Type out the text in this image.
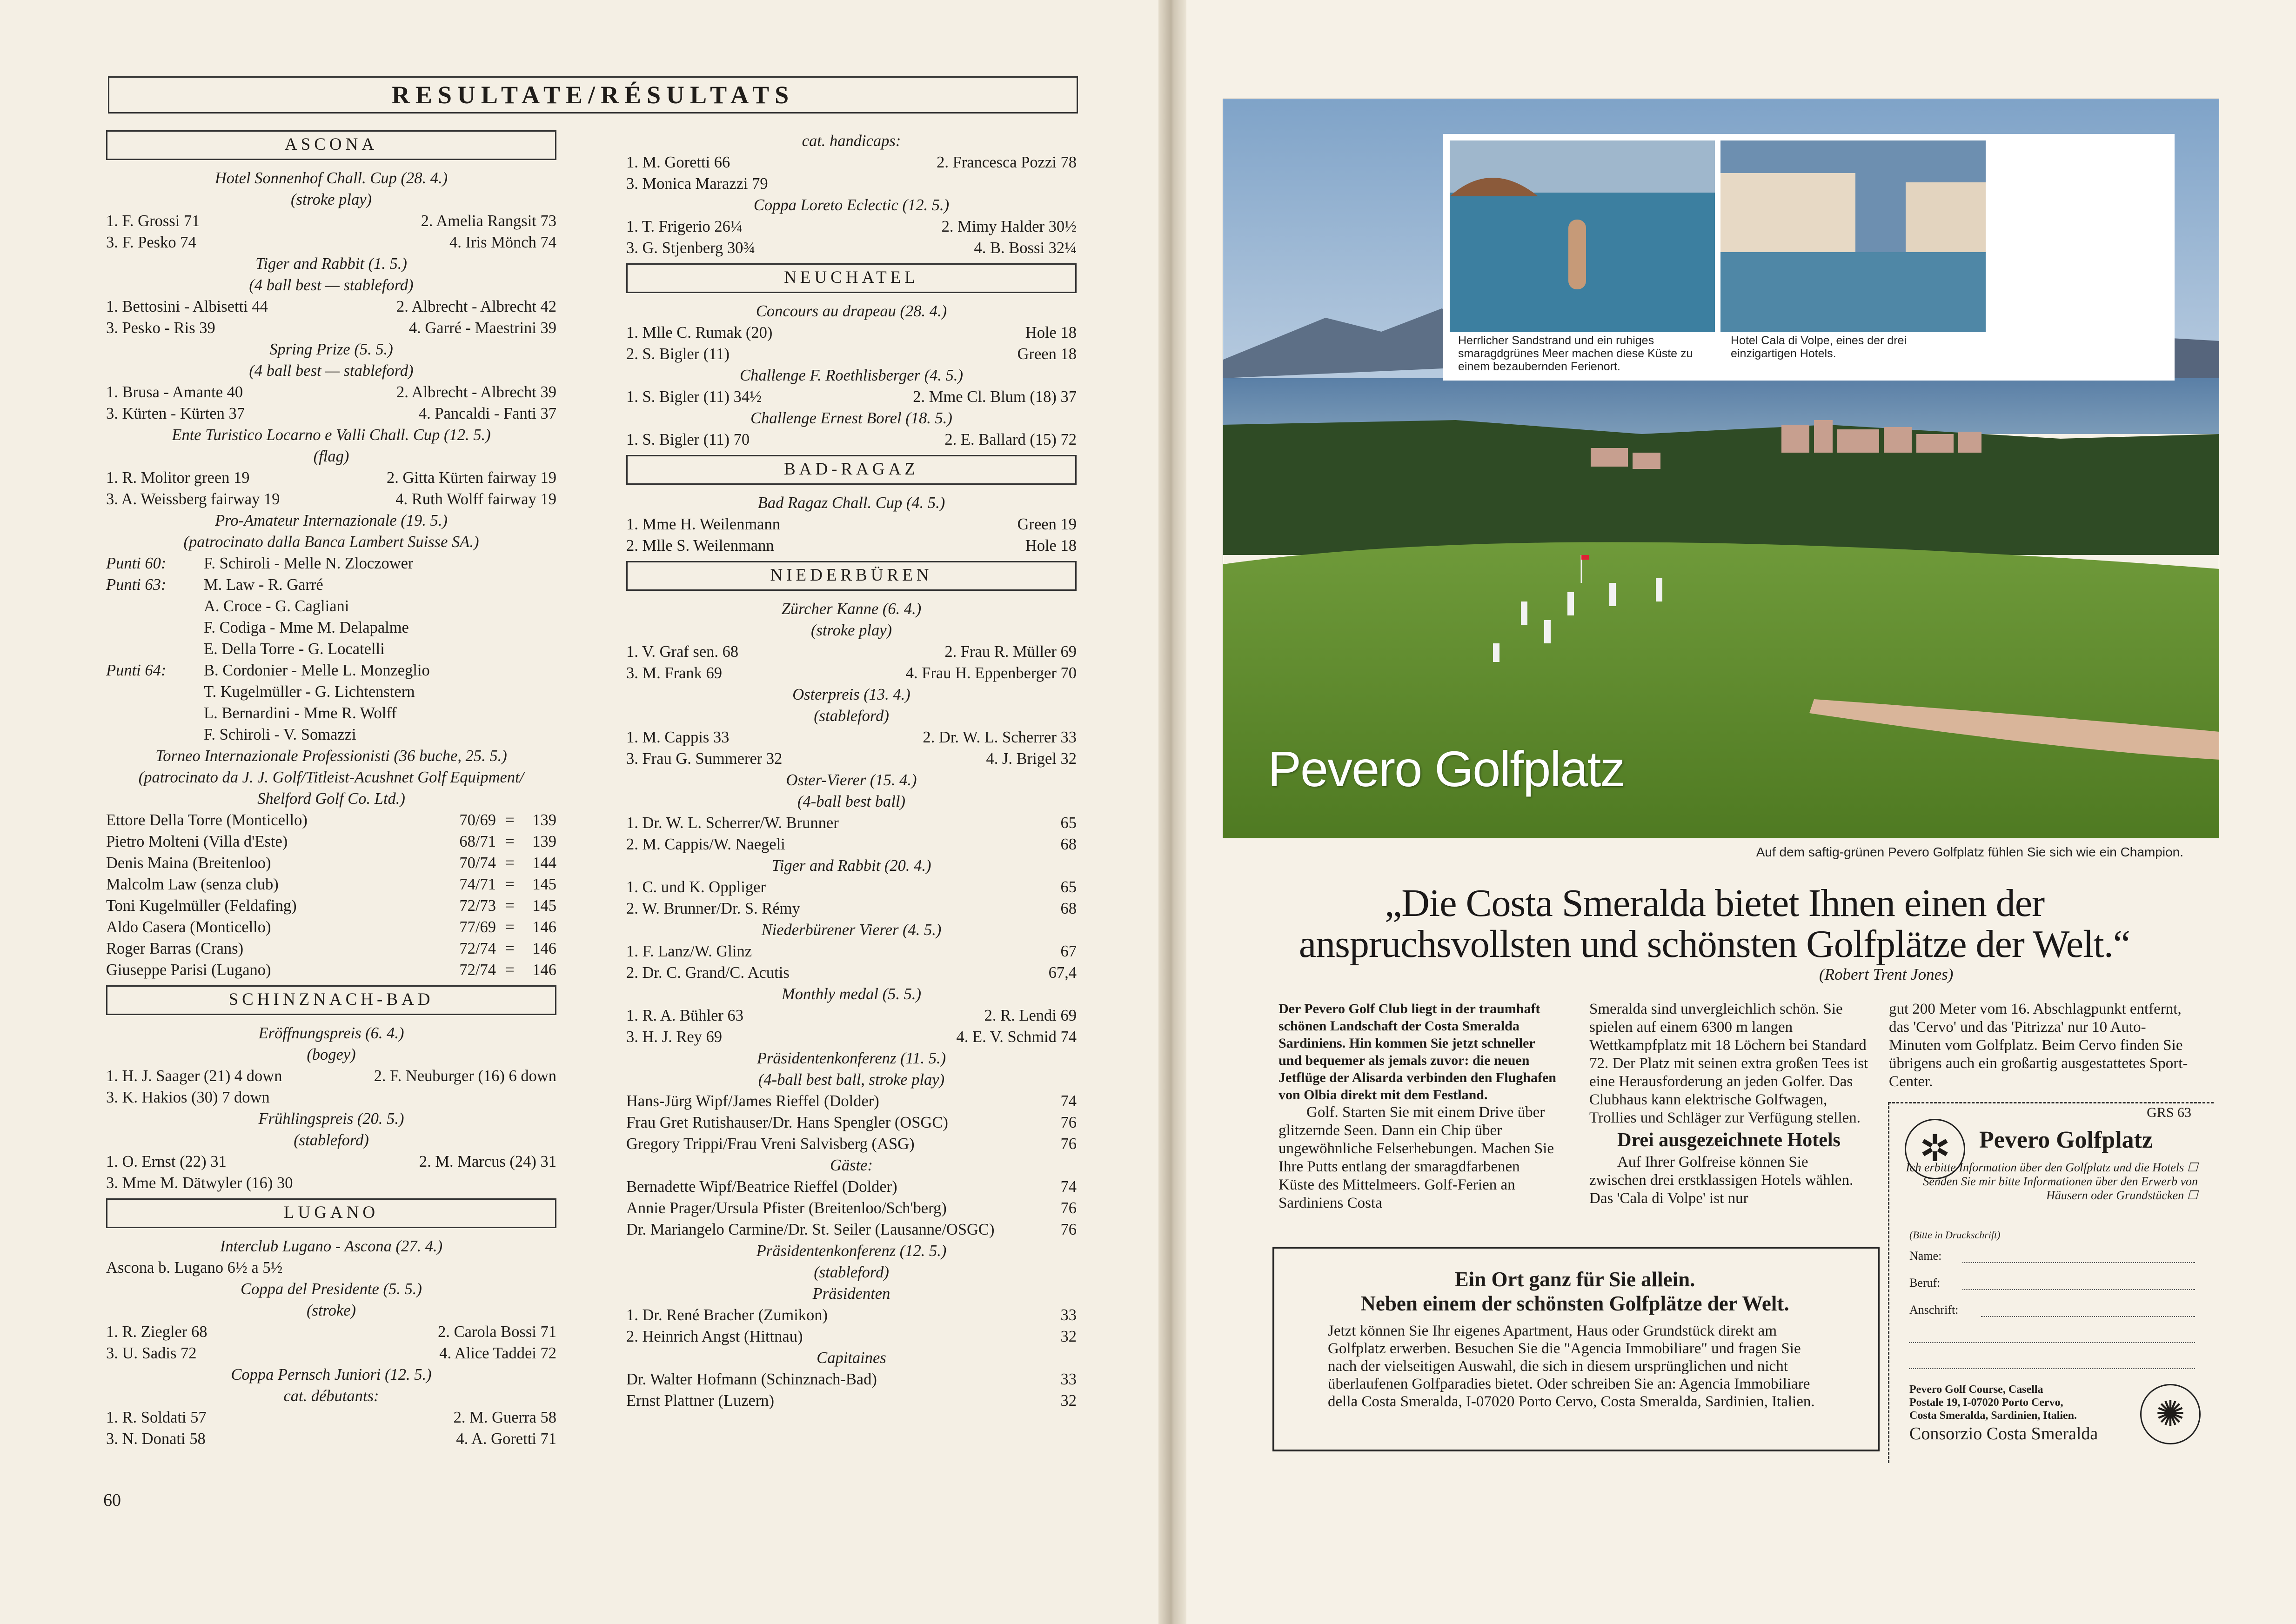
RESULTATE/RÉSULTATS
ASCONA
Hotel Sonnenhof Chall. Cup (28. 4.)
(stroke play)
1. F. Grossi 71	2. Amelia Rangsit 73
3. F. Pesko 74	4. Iris Mönch 74
Tiger and Rabbit (1. 5.)
(4 ball best — stableford)
1. Bettosini - Albisetti 44	2. Albrecht - Albrecht 42
3. Pesko - Ris 39	4. Garré - Maestrini 39
Spring Prize (5. 5.)
(4 ball best — stableford)
1. Brusa - Amante 40	2. Albrecht - Albrecht 39
3. Kürten - Kürten 37	4. Pancaldi - Fanti 37
Ente Turistico Locarno e Valli Chall. Cup (12. 5.)
(flag)
1. R. Molitor green 19	2. Gitta Kürten fairway 19
3. A. Weissberg fairway 19	4. Ruth Wolff fairway 19
Pro-Amateur Internazionale (19. 5.)
(patrocinato dalla Banca Lambert Suisse SA.)
Punti 60:	F. Schiroli - Melle N. Zloczower
Punti 63:	M. Law - R. Garré
A. Croce - G. Cagliani
F. Codiga - Mme M. Delapalme
E. Della Torre - G. Locatelli
Punti 64:	B. Cordonier - Melle L. Monzeglio
T. Kugelmüller - G. Lichtenstern
L. Bernardini - Mme R. Wolff
F. Schiroli - V. Somazzi
Torneo Internazionale Professionisti (36 buche, 25. 5.)
(patrocinato da J. J. Golf/Titleist-Acushnet Golf Equipment/
Shelford Golf Co. Ltd.)
Ettore Della Torre (Monticello)	70/69 =	139
Pietro Molteni (Villa d'Este)	68/71 =	139
Denis Maina (Breitenloo)	70/74 =	144
Malcolm Law (senza club)	74/71 =	145
Toni Kugelmüller (Feldafing)	72/73 =	145
Aldo Casera (Monticello)	77/69 =	146
Roger Barras (Crans)	72/74 =	146
Giuseppe Parisi (Lugano)	72/74 =	146
SCHINZNACH-BAD
Eröffnungspreis (6. 4.)
(bogey)
1. H. J. Saager (21) 4 down	2. F. Neuburger (16) 6 down
3. K. Hakios (30) 7 down
Frühlingspreis (20. 5.)
(stableford)
1. O. Ernst (22) 31	2. M. Marcus (24) 31
3. Mme M. Dätwyler (16) 30
LUGANO
Interclub Lugano - Ascona (27. 4.)
Ascona b. Lugano 6½ a 5½
Coppa del Presidente (5. 5.)
(stroke)
1. R. Ziegler 68	2. Carola Bossi 71
3. U. Sadis 72	4. Alice Taddei 72
Coppa Pernsch Juniori (12. 5.)
cat. débutants:
1. R. Soldati 57	2. M. Guerra 58
3. N. Donati 58	4. A. Goretti 71
cat. handicaps:
1. M. Goretti 66	2. Francesca Pozzi 78
3. Monica Marazzi 79
Coppa Loreto Eclectic (12. 5.)
1. T. Frigerio 26¼	2. Mimy Halder 30½
3. G. Stjenberg 30¾	4. B. Bossi 32¼
NEUCHATEL
Concours au drapeau (28. 4.)
1. Mlle C. Rumak (20)	Hole 18
2. S. Bigler (11)	Green 18
Challenge F. Roethlisberger (4. 5.)
1. S. Bigler (11) 34½	2. Mme Cl. Blum (18) 37
Challenge Ernest Borel (18. 5.)
1. S. Bigler (11) 70	2. E. Ballard (15) 72
BAD-RAGAZ
Bad Ragaz Chall. Cup (4. 5.)
1. Mme H. Weilenmann	Green 19
2. Mlle S. Weilenmann	Hole 18
NIEDERBÜREN
Zürcher Kanne (6. 4.)
(stroke play)
1. V. Graf sen. 68	2. Frau R. Müller 69
3. M. Frank 69	4. Frau H. Eppenberger 70
Osterpreis (13. 4.)
(stableford)
1. M. Cappis 33	2. Dr. W. L. Scherrer 33
3. Frau G. Summerer 32	4. J. Brigel 32
Oster-Vierer (15. 4.)
(4-ball best ball)
1. Dr. W. L. Scherrer/W. Brunner	65
2. M. Cappis/W. Naegeli	68
Tiger and Rabbit (20. 4.)
1. C. und K. Oppliger	65
2. W. Brunner/Dr. S. Rémy	68
Niederbürener Vierer (4. 5.)
1. F. Lanz/W. Glinz	67
2. Dr. C. Grand/C. Acutis	67,4
Monthly medal (5. 5.)
1. R. A. Bühler 63	2. R. Lendi 69
3. H. J. Rey 69	4. E. V. Schmid 74
Präsidentenkonferenz (11. 5.)
(4-ball best ball, stroke play)
Hans-Jürg Wipf/James Rieffel (Dolder)	74
Frau Gret Rutishauser/Dr. Hans Spengler (OSGC)	76
Gregory Trippi/Frau Vreni Salvisberg (ASG)	76
Gäste:
Bernadette Wipf/Beatrice Rieffel (Dolder)	74
Annie Prager/Ursula Pfister (Breitenloo/Sch'berg)	76
Dr. Mariangelo Carmine/Dr. St. Seiler (Lausanne/OSGC)	76
Präsidentenkonferenz (12. 5.)
(stableford)
Präsidenten
1. Dr. René Bracher (Zumikon)	33
2. Heinrich Angst (Hittnau)	32
Capitaines
Dr. Walter Hofmann (Schinznach-Bad)	33
Ernst Plattner (Luzern)	32
60
Herrlicher Sandstrand und ein ruhiges smaragdgrünes Meer machen diese Küste zu einem bezaubernden Ferienort.
Hotel Cala di Volpe, eines der drei einzigartigen Hotels.
Pevero Golfplatz
Auf dem saftig-grünen Pevero Golfplatz fühlen Sie sich wie ein Champion.
„Die Costa Smeralda bietet Ihnen einen der
anspruchsvollsten und schönsten Golfplätze der Welt.“
(Robert Trent Jones)
Der Pevero Golf Club liegt in der traumhaft schönen Landschaft der Costa Smeralda Sardiniens. Hin kommen Sie jetzt schneller und bequemer als jemals zuvor: die neuen Jetflüge der Alisarda verbinden den Flughafen von Olbia direkt mit dem Festland.
Golf. Starten Sie mit einem Drive über glitzernde Seen. Dann ein Chip über ungewöhnliche Felserhebungen. Machen Sie Ihre Putts entlang der smaragdfarbenen Küste des Mittelmeers. Golf-Ferien an Sardiniens Costa
Smeralda sind unvergleichlich schön. Sie spielen auf einem 6300 m langen Wettkampfplatz mit 18 Löchern bei Standard 72. Der Platz mit seinen extra großen Tees ist eine Herausforderung an jeden Golfer. Das Clubhaus kann elektrische Golfwagen, Trollies und Schläger zur Verfügung stellen.
Drei ausgezeichnete Hotels
Auf Ihrer Golfreise können Sie zwischen drei erstklassigen Hotels wählen. Das 'Cala di Volpe' ist nur
gut 200 Meter vom 16. Abschlagpunkt entfernt, das 'Cervo' und das 'Pitrizza' nur 10 Auto-Minuten vom Golfplatz. Beim Cervo finden Sie übrigens auch ein großartig ausgestattetes Sport-Center.
Ein Ort ganz für Sie allein.
Neben einem der schönsten Golfplätze der Welt.
Jetzt können Sie Ihr eigenes Apartment, Haus oder Grundstück direkt am Golfplatz erwerben. Besuchen Sie die "Agencia Immobiliare" und fragen Sie nach der vielseitigen Auswahl, die sich in diesem ursprünglichen und nicht überlaufenen Golfparadies bietet. Oder schreiben Sie an: Agencia Immobiliare della Costa Smeralda, I-07020 Porto Cervo, Costa Smeralda, Sardinien, Italien.
GRS 63
✲	Pevero Golfplatz
Ich erbitte Information über den Golfplatz und die Hotels ☐ Senden Sie mir bitte Informationen über den Erwerb von Häusern oder Grundstücken ☐
(Bitte in Druckschrift)
Name:
Beruf:
Anschrift:
Pevero Golf Course, Casella
Postale 19, I-07020 Porto Cervo,
Costa Smeralda, Sardinien, Italien.
Consorzio Costa Smeralda	✺
